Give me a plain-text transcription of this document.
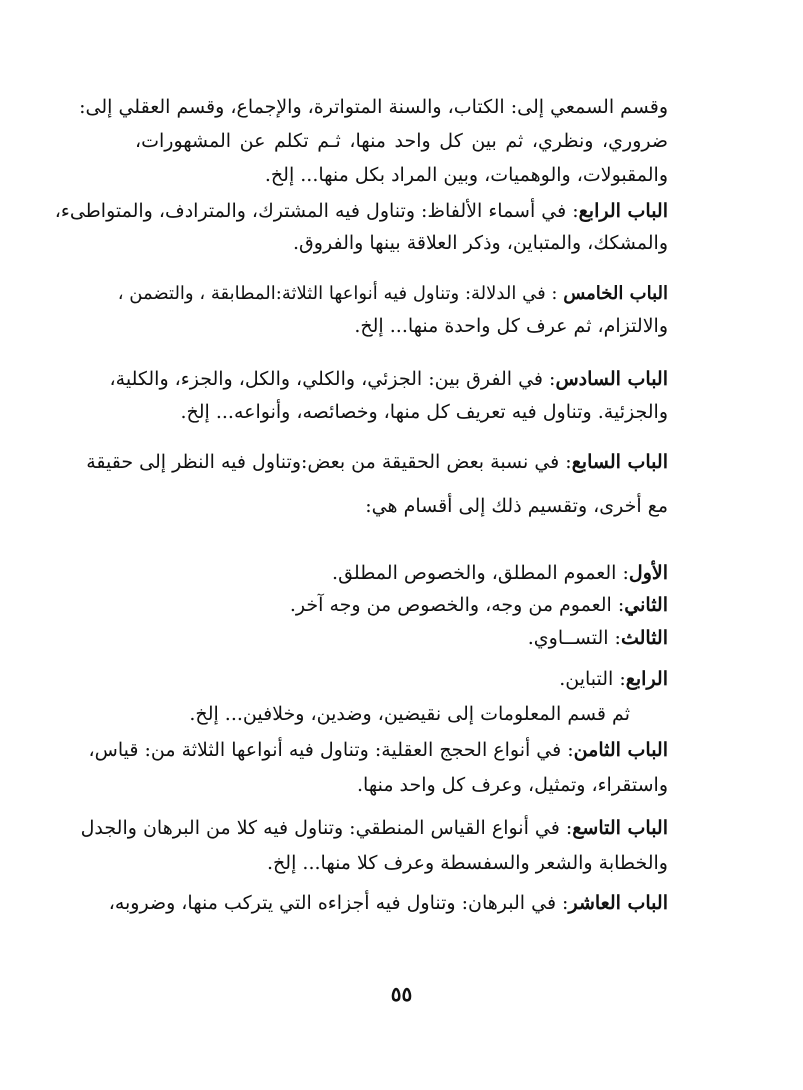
وقسم السمعي إلى: الكتاب، والسنة المتواترة، والإجماع، وقسم العقلي إلى:
ضروري، ونظري، ثم بين كل واحد منها، ثـم تكلم عن المشهورات،
والمقبولات، والوهميات، وبين المراد بكل منها... إلخ.
الباب الرابع: في أسماء الألفاظ: وتناول فيه المشترك، والمترادف، والمتواطىء،
والمشكك، والمتباين، وذكر العلاقة بينها والفروق.
الباب الخامس : في الدلالة: وتناول فيه أنواعها الثلاثة:المطابقة ، والتضمن ،
والالتزام، ثم عرف كل واحدة منها... إلخ.
الباب السادس: في الفرق بين: الجزئي، والكلي، والكل، والجزء، والكلية،
والجزئية. وتناول فيه تعريف كل منها، وخصائصه، وأنواعه... إلخ.
الباب السابع: في نسبة بعض الحقيقة من بعض:وتناول فيه النظر إلى حقيقة
مع أخرى، وتقسيم ذلك إلى أقسام هي:
الأول: العموم المطلق، والخصوص المطلق.
الثاني: العموم من وجه، والخصوص من وجه آخر.
الثالث: التســاوي.
الرابع: التباين.
ثم قسم المعلومات إلى نقيضين، وضدين، وخلافين... إلخ.
الباب الثامن: في أنواع الحجج العقلية: وتناول فيه أنواعها الثلاثة من: قياس،
واستقراء، وتمثيل، وعرف كل واحد منها.
الباب التاسع: في أنواع القياس المنطقي: وتناول فيه كلا من البرهان والجدل
والخطابة والشعر والسفسطة وعرف كلا منها... إلخ.
الباب العاشر: في البرهان: وتناول فيه أجزاءه التي يتركب منها، وضروبه،
٥٥
